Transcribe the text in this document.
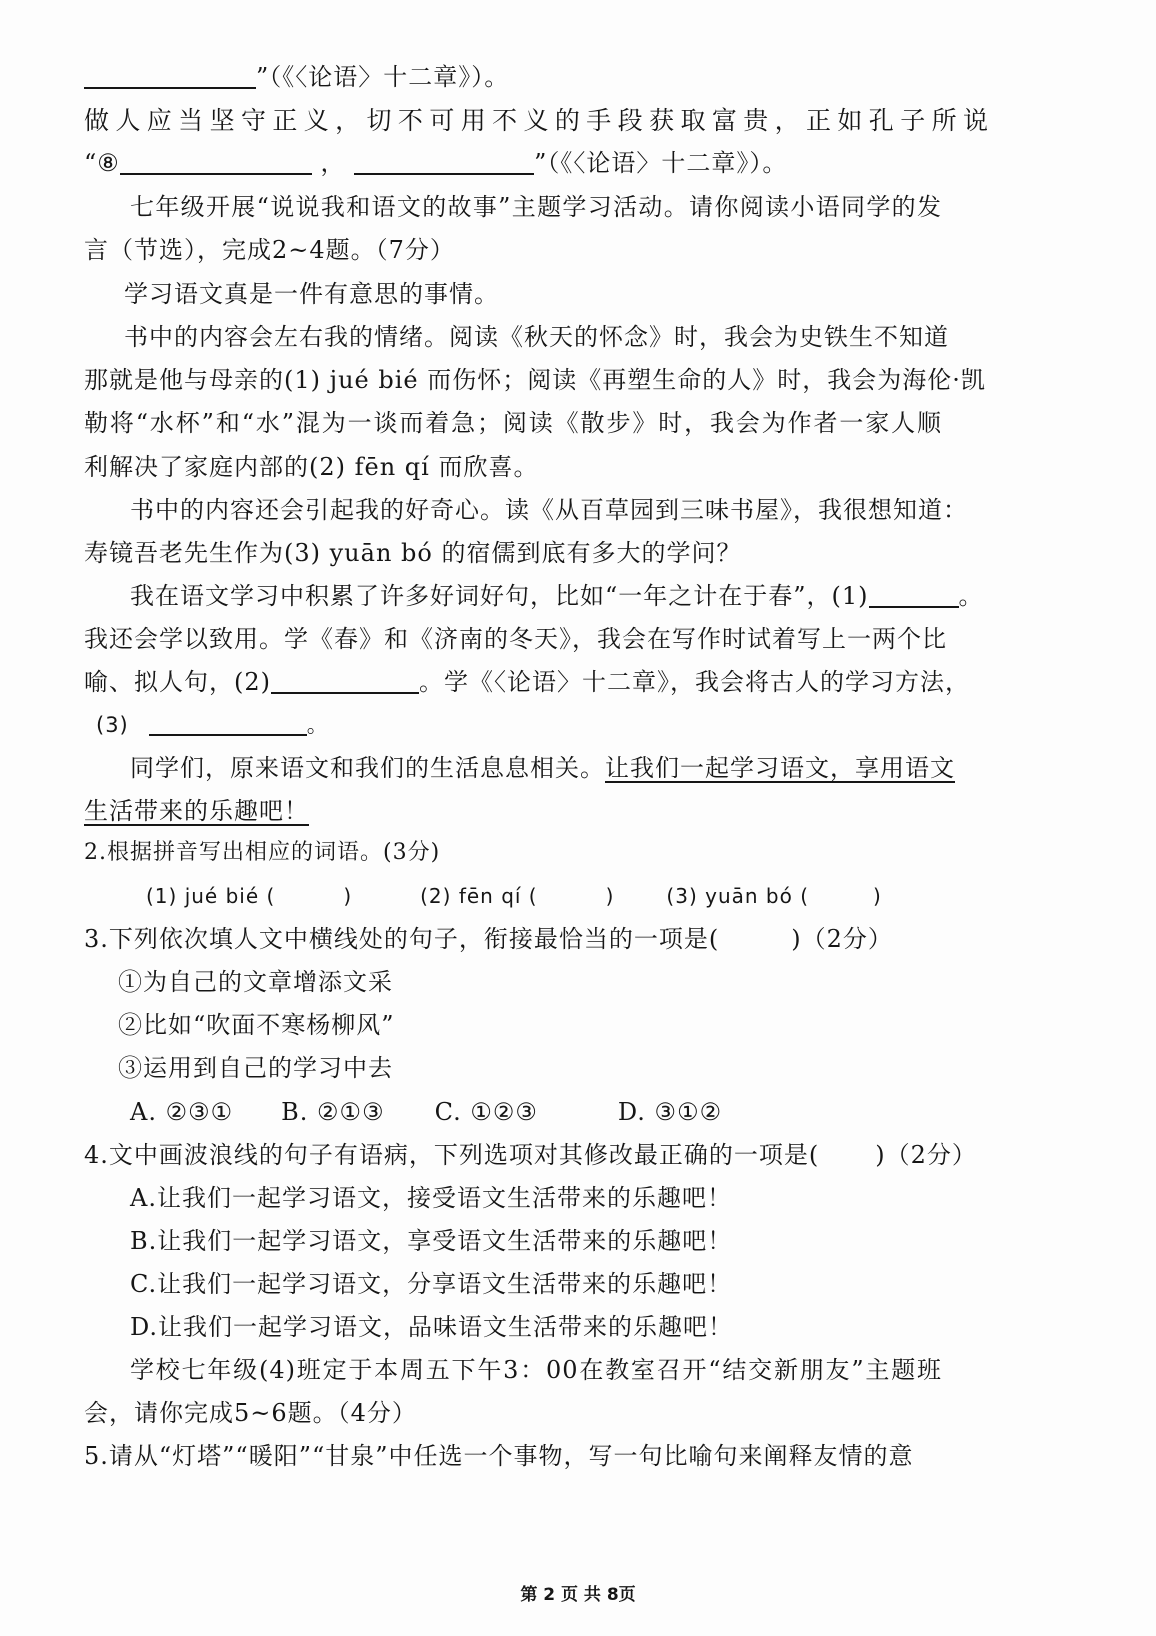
”（《〈论语〉十二章》）。
做人应当坚守正义，切不可用不义的手段获取富贵，正如孔子所说
“⑧	，	”（《〈论语〉十二章》）。
七年级开展“说说我和语文的故事”主题学习活动。请你阅读小语同学的发
言（节选），完成2~4题。（7分）
学习语文真是一件有意思的事情。
书中的内容会左右我的情绪。阅读《秋天的怀念》时，我会为史铁生不知道
那就是他与母亲的(1) jué bié 而伤怀；阅读《再塑生命的人》时，我会为海伦·凯
勒将“水杯”和“水”混为一谈而着急；阅读《散步》时，我会为作者一家人顺
利解决了家庭内部的(2) fēn qí 而欣喜。
书中的内容还会引起我的好奇心。读《从百草园到三味书屋》，我很想知道：
寿镜吾老先生作为(3) yuān bó 的宿儒到底有多大的学问？
我在语文学习中积累了许多好词好句，比如“一年之计在于春”，(1)	。
我还会学以致用。学《春》和《济南的冬天》，我会在写作时试着写上一两个比
喻、拟人句，(2)	。学《〈论语〉十二章》，我会将古人的学习方法，
(3)	。
同学们，原来语文和我们的生活息息相关。让我们一起学习语文，享用语文
生活带来的乐趣吧！
2.根据拼音写出相应的词语。(3分)
(1) jué bié (	)	(2) fēn qí (	)	(3) yuān bó (	)
3.下列依次填人文中横线处的句子，衔接最恰当的一项是(	)（2分）
①为自己的文章增添文采
②比如“吹面不寒杨柳风”
③运用到自己的学习中去
A. ②③① B. ②①③ C. ①②③	D. ③①②
4.文中画波浪线的句子有语病，下列选项对其修改最正确的一项是( )（2分）
A.让我们一起学习语文，接受语文生活带来的乐趣吧！
B.让我们一起学习语文，享受语文生活带来的乐趣吧！
C.让我们一起学习语文，分享语文生活带来的乐趣吧！
D.让我们一起学习语文，品味语文生活带来的乐趣吧！
学校七年级(4)班定于本周五下午3：00在教室召开“结交新朋友”主题班
会，请你完成5~6题。（4分）
5.请从“灯塔”“暖阳”“甘泉”中任选一个事物，写一句比喻句来阐释友情的意
第 2 页 共 8页
